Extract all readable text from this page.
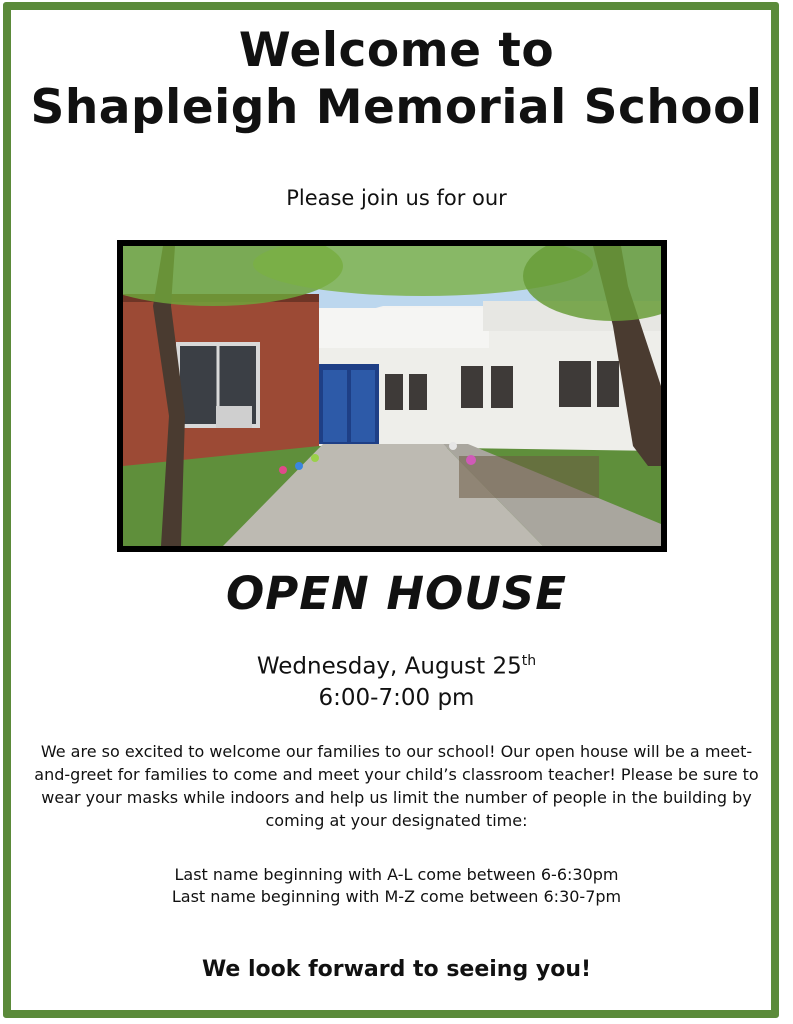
Welcome to
Shapleigh Memorial School
Please join us for our
OPEN HOUSE
Wednesday, August 25th
6:00-7:00 pm
We are so excited to welcome our families to our school! Our open house will be a meet-and-greet for families to come and meet your child’s classroom teacher! Please be sure to wear your masks while indoors and help us limit the number of people in the building by coming at your designated time:
Last name beginning with A-L come between 6-6:30pm
Last name beginning with M-Z come between 6:30-7pm
We look forward to seeing you!
